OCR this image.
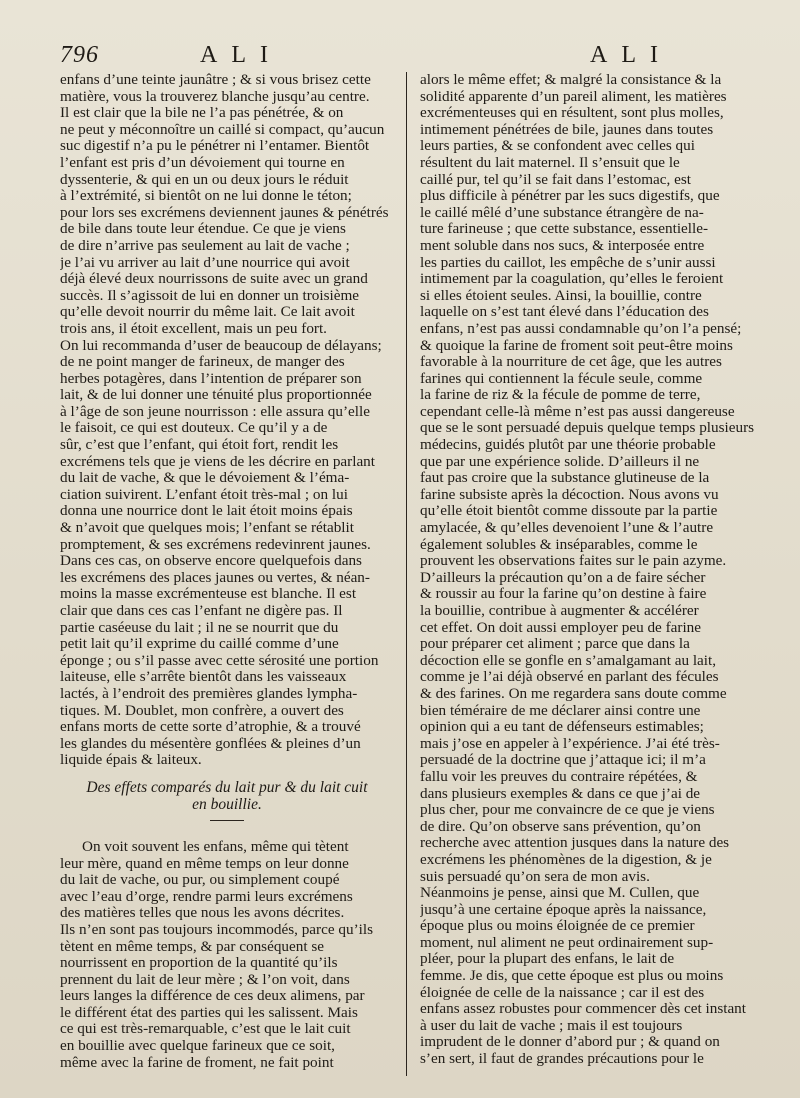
796	ALI	ALI
enfans d’une teinte jaunâtre ; & si vous brisez cette
matière, vous la trouverez blanche jusqu’au centre.
Il est clair que la bile ne l’a pas pénétrée, & on
ne peut y méconnoître un caillé si compact, qu’aucun
suc digestif n’a pu le pénétrer ni l’entamer. Bientôt
l’enfant est pris d’un dévoiement qui tourne en
dyssenterie, & qui en un ou deux jours le réduit
à l’extrémité, si bientôt on ne lui donne le téton;
pour lors ses excrémens deviennent jaunes & pénétrés
de bile dans toute leur étendue. Ce que je viens
de dire n’arrive pas seulement au lait de vache ;
je l’ai vu arriver au lait d’une nourrice qui avoit
déjà élevé deux nourrissons de suite avec un grand
succès. Il s’agissoit de lui en donner un troisième
qu’elle devoit nourrir du même lait. Ce lait avoit
trois ans, il étoit excellent, mais un peu fort.
On lui recommanda d’user de beaucoup de délayans;
de ne point manger de farineux, de manger des
herbes potagères, dans l’intention de préparer son
lait, & de lui donner une ténuité plus proportionnée
à l’âge de son jeune nourrisson : elle assura qu’elle
le faisoit, ce qui est douteux. Ce qu’il y a de
sûr, c’est que l’enfant, qui étoit fort, rendit les
excrémens tels que je viens de les décrire en parlant
du lait de vache, & que le dévoiement & l’éma-
ciation suivirent. L’enfant étoit très-mal ; on lui
donna une nourrice dont le lait étoit moins épais
& n’avoit que quelques mois; l’enfant se rétablit
promptement, & ses excrémens redevinrent jaunes.
Dans ces cas, on observe encore quelquefois dans
les excrémens des places jaunes ou vertes, & néan-
moins la masse excrémenteuse est blanche. Il est
clair que dans ces cas l’enfant ne digère pas. Il
partie caséeuse du lait ; il ne se nourrit que du
petit lait qu’il exprime du caillé comme d’une
éponge ; ou s’il passe avec cette sérosité une portion
laiteuse, elle s’arrête bientôt dans les vaisseaux
lactés, à l’endroit des premières glandes lympha-
tiques. M. Doublet, mon confrère, a ouvert des
enfans morts de cette sorte d’atrophie, & a trouvé
les glandes du mésentère gonflées & pleines d’un
liquide épais & laiteux.
Des effets comparés du lait pur & du lait cuit
en bouillie.
On voit souvent les enfans, même qui tètent
leur mère, quand en même temps on leur donne
du lait de vache, ou pur, ou simplement coupé
avec l’eau d’orge, rendre parmi leurs excrémens
des matières telles que nous les avons décrites.
Ils n’en sont pas toujours incommodés, parce qu’ils
tètent en même temps, & par conséquent se
nourrissent en proportion de la quantité qu’ils
prennent du lait de leur mère ; & l’on voit, dans
leurs langes la différence de ces deux alimens, par
le différent état des parties qui les salissent. Mais
ce qui est très-remarquable, c’est que le lait cuit
en bouillie avec quelque farineux que ce soit,
même avec la farine de froment, ne fait point
alors le même effet; & malgré la consistance & la
solidité apparente d’un pareil aliment, les matières
excrémenteuses qui en résultent, sont plus molles,
intimement pénétrées de bile, jaunes dans toutes
leurs parties, & se confondent avec celles qui
résultent du lait maternel. Il s’ensuit que le
caillé pur, tel qu’il se fait dans l’estomac, est
plus difficile à pénétrer par les sucs digestifs, que
le caillé mêlé d’une substance étrangère de na-
ture farineuse ; que cette substance, essentielle-
ment soluble dans nos sucs, & interposée entre
les parties du caillot, les empêche de s’unir aussi
intimement par la coagulation, qu’elles le feroient
si elles étoient seules. Ainsi, la bouillie, contre
laquelle on s’est tant élevé dans l’éducation des
enfans, n’est pas aussi condamnable qu’on l’a pensé;
& quoique la farine de froment soit peut-être moins
favorable à la nourriture de cet âge, que les autres
farines qui contiennent la fécule seule, comme
la farine de riz & la fécule de pomme de terre,
cependant celle-là même n’est pas aussi dangereuse
que se le sont persuadé depuis quelque temps plusieurs
médecins, guidés plutôt par une théorie probable
que par une expérience solide. D’ailleurs il ne
faut pas croire que la substance glutineuse de la
farine subsiste après la décoction. Nous avons vu
qu’elle étoit bientôt comme dissoute par la partie
amylacée, & qu’elles devenoient l’une & l’autre
également solubles & inséparables, comme le
prouvent les observations faites sur le pain azyme.
D’ailleurs la précaution qu’on a de faire sécher
& roussir au four la farine qu’on destine à faire
la bouillie, contribue à augmenter & accélérer
cet effet. On doit aussi employer peu de farine
pour préparer cet aliment ; parce que dans la
décoction elle se gonfle en s’amalgamant au lait,
comme je l’ai déjà observé en parlant des fécules
& des farines. On me regardera sans doute comme
bien téméraire de me déclarer ainsi contre une
opinion qui a eu tant de défenseurs estimables;
mais j’ose en appeler à l’expérience. J’ai été très-
persuadé de la doctrine que j’attaque ici; il m’a
fallu voir les preuves du contraire répétées, &
dans plusieurs exemples & dans ce que j’ai de
plus cher, pour me convaincre de ce que je viens
de dire. Qu’on observe sans prévention, qu’on
recherche avec attention jusques dans la nature des
excrémens les phénomènes de la digestion, & je
suis persuadé qu’on sera de mon avis.
Néanmoins je pense, ainsi que M. Cullen, que
jusqu’à une certaine époque après la naissance,
époque plus ou moins éloignée de ce premier
moment, nul aliment ne peut ordinairement sup-
pléer, pour la plupart des enfans, le lait de
femme. Je dis, que cette époque est plus ou moins
éloignée de celle de la naissance ; car il est des
enfans assez robustes pour commencer dès cet instant
à user du lait de vache ; mais il est toujours
imprudent de le donner d’abord pur ; & quand on
s’en sert, il faut de grandes précautions pour le
